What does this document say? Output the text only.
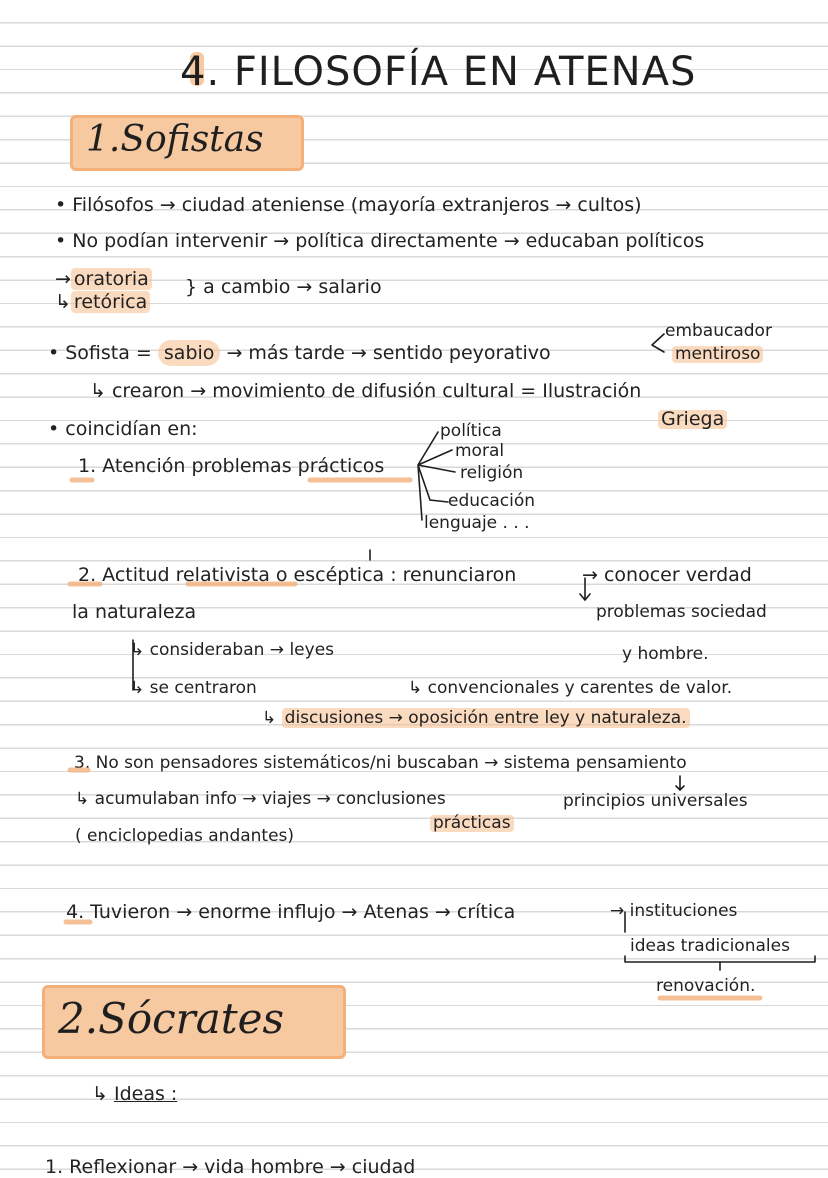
4. FILOSOFÍA EN ATENAS
1.Sofistas
• Filósofos → ciudad ateniense (mayoría extranjeros → cultos)
• No podían intervenir → política directamente → educaban políticos
→ oratoria
↳ retórica
} a cambio → salario
• Sofista = sabio → más tarde → sentido peyorativo
embaucador
mentiroso
↳ crearon → movimiento de difusión cultural = Ilustración
Griega
• coincidían en:
1. Atención problemas prácticos
política
moral
religión
educación
lenguaje . . .
2. Actitud relativista o escéptica : renunciaron	→ conocer verdad
la naturaleza	problemas sociedad
y hombre.
↳ consideraban → leyes
↳ se centraron	↳ convencionales y carentes de valor.
↳ discusiones → oposición entre ley y naturaleza.
3. No son pensadores sistemáticos/ni buscaban → sistema pensamiento
↳ acumulaban info → viajes → conclusiones	principios universales
prácticas
( enciclopedias andantes)
4. Tuvieron → enorme influjo → Atenas → crítica	→ instituciones
ideas tradicionales
renovación.
2.Sócrates
↳ Ideas :
1. Reflexionar → vida hombre → ciudad
